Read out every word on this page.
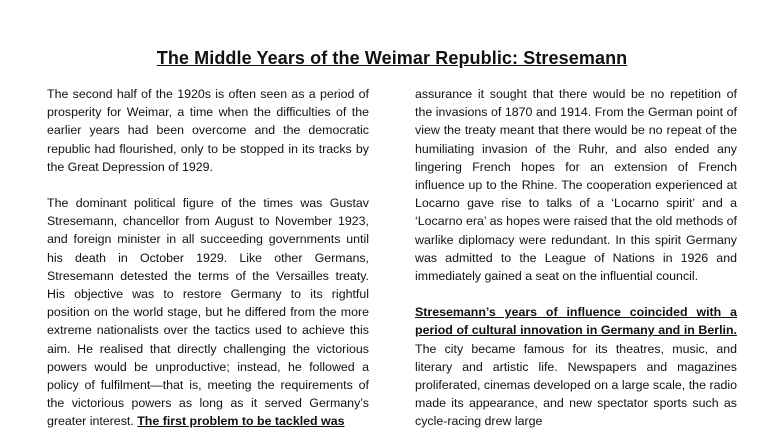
The Middle Years of the Weimar Republic: Stresemann

The second half of the 1920s is often seen as a period of prosperity for Weimar, a time when the difficulties of the earlier years had been overcome and the democratic republic had flourished, only to be stopped in its tracks by the Great Depression of 1929.

The dominant political figure of the times was Gustav Stresemann, chancellor from August to November 1923, and foreign minister in all succeeding governments until his death in October 1929. Like other Germans, Stresemann detested the terms of the Versailles treaty. His objective was to restore Germany to its rightful position on the world stage, but he differed from the more extreme nationalists over the tactics used to achieve this aim. He realised that directly challenging the victorious powers would be unproductive; instead, he followed a policy of fulfilment—that is, meeting the requirements of the victorious powers as long as it served Germany’s greater interest. The first problem to be tackled was

assurance it sought that there would be no repetition of the invasions of 1870 and 1914. From the German point of view the treaty meant that there would be no repeat of the humiliating invasion of the Ruhr, and also ended any lingering French hopes for an extension of French influence up to the Rhine. The cooperation experienced at Locarno gave rise to talks of a ‘Locarno spirit’ and a ‘Locarno era’ as hopes were raised that the old methods of warlike diplomacy were redundant. In this spirit Germany was admitted to the League of Nations in 1926 and immediately gained a seat on the influential council.

Stresemann’s years of influence coincided with a period of cultural innovation in Germany and in Berlin. The city became famous for its theatres, music, and literary and artistic life. Newspapers and magazines proliferated, cinemas developed on a large scale, the radio made its appearance, and new spectator sports such as cycle-racing drew large
